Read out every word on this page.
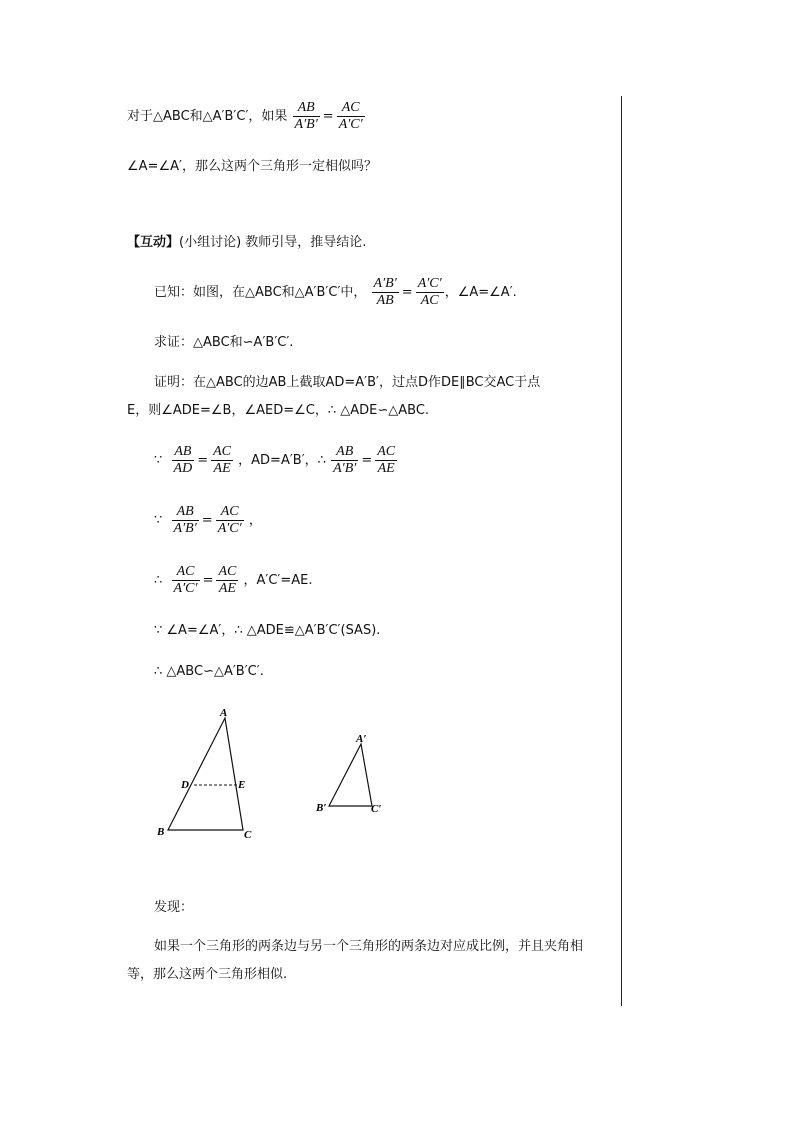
对于△ABC和△A′B′C′，如果 $\frac{AB}{A'B'} = \frac{AC}{A'C'}$
∠A=∠A′，那么这两个三角形一定相似吗？
【互动】(小组讨论) 教师引导，推导结论.
已知：如图，在△ABC和△A′B′C′中， $\frac{A'B'}{AB} = \frac{A'C'}{AC}$ ，∠A=∠A′.
求证：△ABC和∽A′B′C′.
证明：在△ABC的边AB上截取AD=A′B′，过点D作DE∥BC交AC于点
E，则∠ADE=∠B，∠AED=∠C，∴ △ADE∽△ABC.
∵ $\frac{AB}{AD} = \frac{AC}{AE}$ ，AD=A′B′，∴ $\frac{AB}{A'B'} = \frac{AC}{AE}$
∵ $\frac{AB}{A'B'} = \frac{AC}{A'C'}$ ，
∴ $\frac{AC}{A'C'} = \frac{AC}{AE}$ ，A′C′=AE.
∵ ∠A=∠A′，∴ △ADE≌△A′B′C′(SAS).
∴ △ABC∽△A′B′C′.
A
B	C
D	E
A′
B′	C′
发现：
如果一个三角形的两条边与另一个三角形的两条边对应成比例，并且夹角相
等，那么这两个三角形相似.
